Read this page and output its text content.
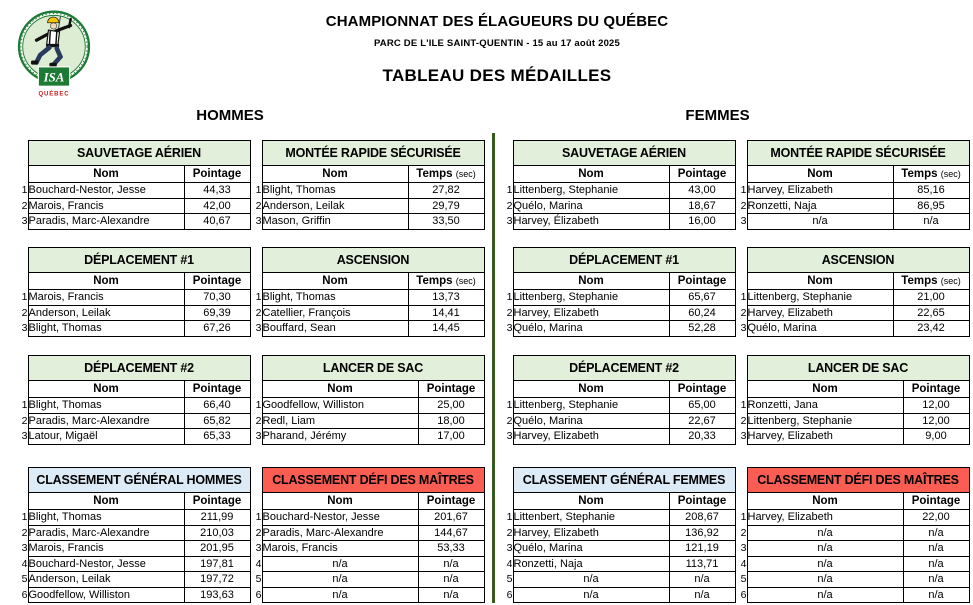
ISA
QUÉBEC
CHAMPIONNAT DES ÉLAGUEURS DU QUÉBEC
PARC DE L'ILE SAINT-QUENTIN - 15 au 17 août 2025
TABLEAU DES MÉDAILLES
HOMMES	FEMMES
	SAUVETAGE AÉRIEN	
	Nom	Pointage
1	Bouchard-Nestor, Jesse	44,33
2	Marois, Francis	42,00
3	Paradis, Marc-Alexandre	40,67
	MONTÉE RAPIDE SÉCURISÉE	
	Nom	Temps (sec)
1	Blight, Thomas	27,82
2	Anderson, Leilak	29,79
3	Mason, Griffin	33,50
	DÉPLACEMENT #1	
	Nom	Pointage
1	Marois, Francis	70,30
2	Anderson, Leilak	69,39
3	Blight, Thomas	67,26
	ASCENSION	
	Nom	Temps (sec)
1	Blight, Thomas	13,73
2	Catellier, François	14,41
3	Bouffard, Sean	14,45
	DÉPLACEMENT #2	
	Nom	Pointage
1	Blight, Thomas	66,40
2	Paradis, Marc-Alexandre	65,82
3	Latour, Migaël	65,33
	LANCER DE SAC	
	Nom	Pointage
1	Goodfellow, Williston	25,00
2	Redl, Liam	18,00
3	Pharand, Jérémy	17,00
	CLASSEMENT GÉNÉRAL HOMMES	
	Nom	Pointage
1	Blight, Thomas	211,99
2	Paradis, Marc-Alexandre	210,03
3	Marois, Francis	201,95
4	Bouchard-Nestor, Jesse	197,81
5	Anderson, Leilak	197,72
6	Goodfellow, Williston	193,63
	CLASSEMENT DÉFI DES MAÎTRES	
	Nom	Pointage
1	Bouchard-Nestor, Jesse	201,67
2	Paradis, Marc-Alexandre	144,67
3	Marois, Francis	53,33
4	n/a	n/a
5	n/a	n/a
6	n/a	n/a
	SAUVETAGE AÉRIEN	
	Nom	Pointage
1	Littenberg, Stephanie	43,00
2	Quélo, Marina	18,67
3	Harvey, Élizabeth	16,00
	MONTÉE RAPIDE SÉCURISÉE	
	Nom	Temps (sec)
1	Harvey, Elizabeth	85,16
2	Ronzetti, Naja	86,95
3	n/a	n/a
	DÉPLACEMENT #1	
	Nom	Pointage
1	Littenberg, Stephanie	65,67
2	Harvey, Elizabeth	60,24
3	Quélo, Marina	52,28
	ASCENSION	
	Nom	Temps (sec)
1	Littenberg, Stephanie	21,00
2	Harvey, Elizabeth	22,65
3	Quélo, Marina	23,42
	DÉPLACEMENT #2	
	Nom	Pointage
1	Littenberg, Stephanie	65,00
2	Quélo, Marina	22,67
3	Harvey, Elizabeth	20,33
	LANCER DE SAC	
	Nom	Pointage
1	Ronzetti, Jana	12,00
2	Littenberg, Stephanie	12,00
3	Harvey, Elizabeth	9,00
	CLASSEMENT GÉNÉRAL FEMMES	
	Nom	Pointage
1	Littenbert, Stephanie	208,67
2	Harvey, Elizabeth	136,92
3	Quélo, Marina	121,19
4	Ronzetti, Naja	113,71
5	n/a	n/a
6	n/a	n/a
	CLASSEMENT DÉFI DES MAÎTRES	
	Nom	Pointage
1	Harvey, Elizabeth	22,00
2	n/a	n/a
3	n/a	n/a
4	n/a	n/a
5	n/a	n/a
6	n/a	n/a
